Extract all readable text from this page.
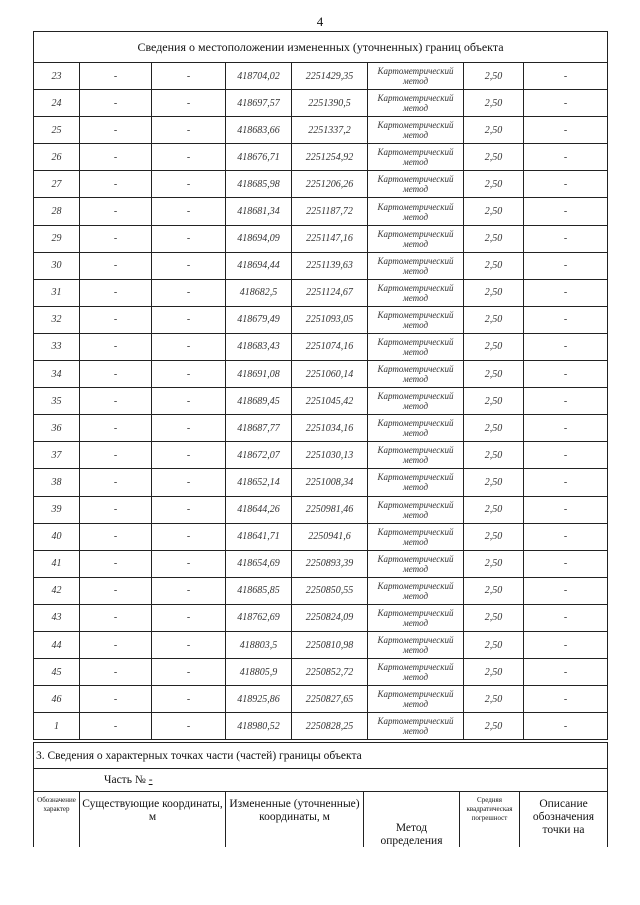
4
Сведения о местоположении измененных (уточненных) границ объекта							
23	-	-	418704,02	2251429,35	Картометрический метод	2,50	-
24	-	-	418697,57	2251390,5	Картометрический метод	2,50	-
25	-	-	418683,66	2251337,2	Картометрический метод	2,50	-
26	-	-	418676,71	2251254,92	Картометрический метод	2,50	-
27	-	-	418685,98	2251206,26	Картометрический метод	2,50	-
28	-	-	418681,34	2251187,72	Картометрический метод	2,50	-
29	-	-	418694,09	2251147,16	Картометрический метод	2,50	-
30	-	-	418694,44	2251139,63	Картометрический метод	2,50	-
31	-	-	418682,5	2251124,67	Картометрический метод	2,50	-
32	-	-	418679,49	2251093,05	Картометрический метод	2,50	-
33	-	-	418683,43	2251074,16	Картометрический метод	2,50	-
34	-	-	418691,08	2251060,14	Картометрический метод	2,50	-
35	-	-	418689,45	2251045,42	Картометрический метод	2,50	-
36	-	-	418687,77	2251034,16	Картометрический метод	2,50	-
37	-	-	418672,07	2251030,13	Картометрический метод	2,50	-
38	-	-	418652,14	2251008,34	Картометрический метод	2,50	-
39	-	-	418644,26	2250981,46	Картометрический метод	2,50	-
40	-	-	418641,71	2250941,6	Картометрический метод	2,50	-
41	-	-	418654,69	2250893,39	Картометрический метод	2,50	-
42	-	-	418685,85	2250850,55	Картометрический метод	2,50	-
43	-	-	418762,69	2250824,09	Картометрический метод	2,50	-
44	-	-	418803,5	2250810,98	Картометрический метод	2,50	-
45	-	-	418805,9	2250852,72	Картометрический метод	2,50	-
46	-	-	418925,86	2250827,65	Картометрический метод	2,50	-
1	-	-	418980,52	2250828,25	Картометрический метод	2,50	-
3. Сведения о характерных точках части (частей) границы объекта
Часть № -
Обозначение характер	Существующие координаты, м	Измененные (уточненные) координаты, м	Метод определения	Средняя квадратическая погрешност	Описание обозначения точки на
